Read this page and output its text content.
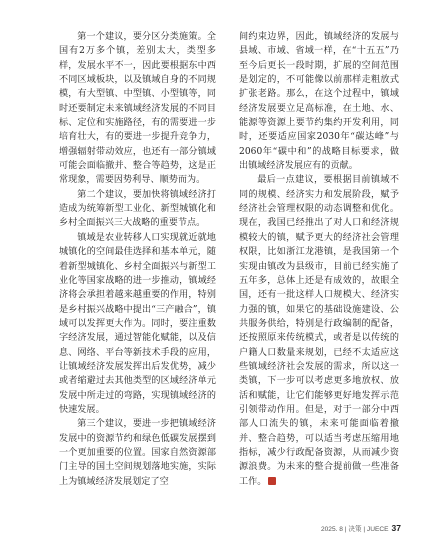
第一个建议，要分区分类施策。全国有2万多个镇，差别太大，类型多样，发展水平不一，因此要根据东中西不同区域板块，以及镇域自身的不同规模，有大型镇、中型镇、小型镇等，同时还要制定未来镇域经济发展的不同目标、定位和实施路径，有的需要进一步培育壮大，有的要进一步提升竞争力，增强辐射带动效应，也还有一部分镇域可能会面临撤并、整合等趋势，这是正常现象，需要因势利导、顺势而为。

第二个建议，要加快将镇域经济打造成为统筹新型工业化、新型城镇化和乡村全面振兴三大战略的重要节点。

镇域是农业转移人口实现就近就地城镇化的空间最佳选择和基本单元，随着新型城镇化、乡村全面振兴与新型工业化等国家战略的进一步推动，镇域经济将会承担着越来越重要的作用，特别是乡村振兴战略中提出“三产融合”，镇域可以发挥更大作为。同时，要注重数字经济发展，通过智能化赋能，以及信息、网络、平台等新技术手段的应用，让镇域经济发展发挥出后发优势，减少或者缩避过去其他类型的区域经济单元发展中所走过的弯路，实现镇域经济的快速发展。

第三个建议，要进一步把镇域经济发展中的资源节约和绿色低碳发展摆到一个更加重要的位置。国家自然资源部门主导的国土空间规划落地实施，实际上为镇域经济发展划定了空

间约束边界，因此，镇域经济的发展与县域、市域、省域一样，在“十五五”乃至今后更长一段时期，扩展的空间范围是划定的，不可能像以前那样走粗放式扩张老路。那么，在这个过程中，镇域经济发展要立足高标准，在土地、水、能源等资源上要节约集约开发利用，同时，还要适应国家2030年“碳达峰”与2060年“碳中和”的战略目标要求，做出镇域经济发展应有的贡献。

最后一点建议，要根据目前镇域不同的规模、经济实力和发展阶段，赋予经济社会管理权限的动态调整和优化。现在，我国已经推出了对人口和经济规模较大的镇，赋予更大的经济社会管理权限，比如浙江龙港镇，是我国第一个实现由镇改为县级市，目前已经实施了五年多，总体上还是有成效的，故眼全国，还有一批这样人口规模大、经济实力强的镇，如果它的基础设施建设、公共服务供给，特别是行政编制的配备，还按照原来传统模式，或者是以传统的户籍人口数量来规划，已经不太适应这些镇域经济社会发展的需求，所以这一类镇，下一步可以考虑更多地放权、放活和赋能，让它们能够更好地发挥示范引领带动作用。但是，对于一部分中西部人口流失的镇，未来可能面临着撤并、整合趋势，可以适当考虑压缩用地指标，减少行政配备资源，从而减少资源浪费。为未来的整合提前做一些准备工作。

2025. 8 | 决策 | JUECE 37
